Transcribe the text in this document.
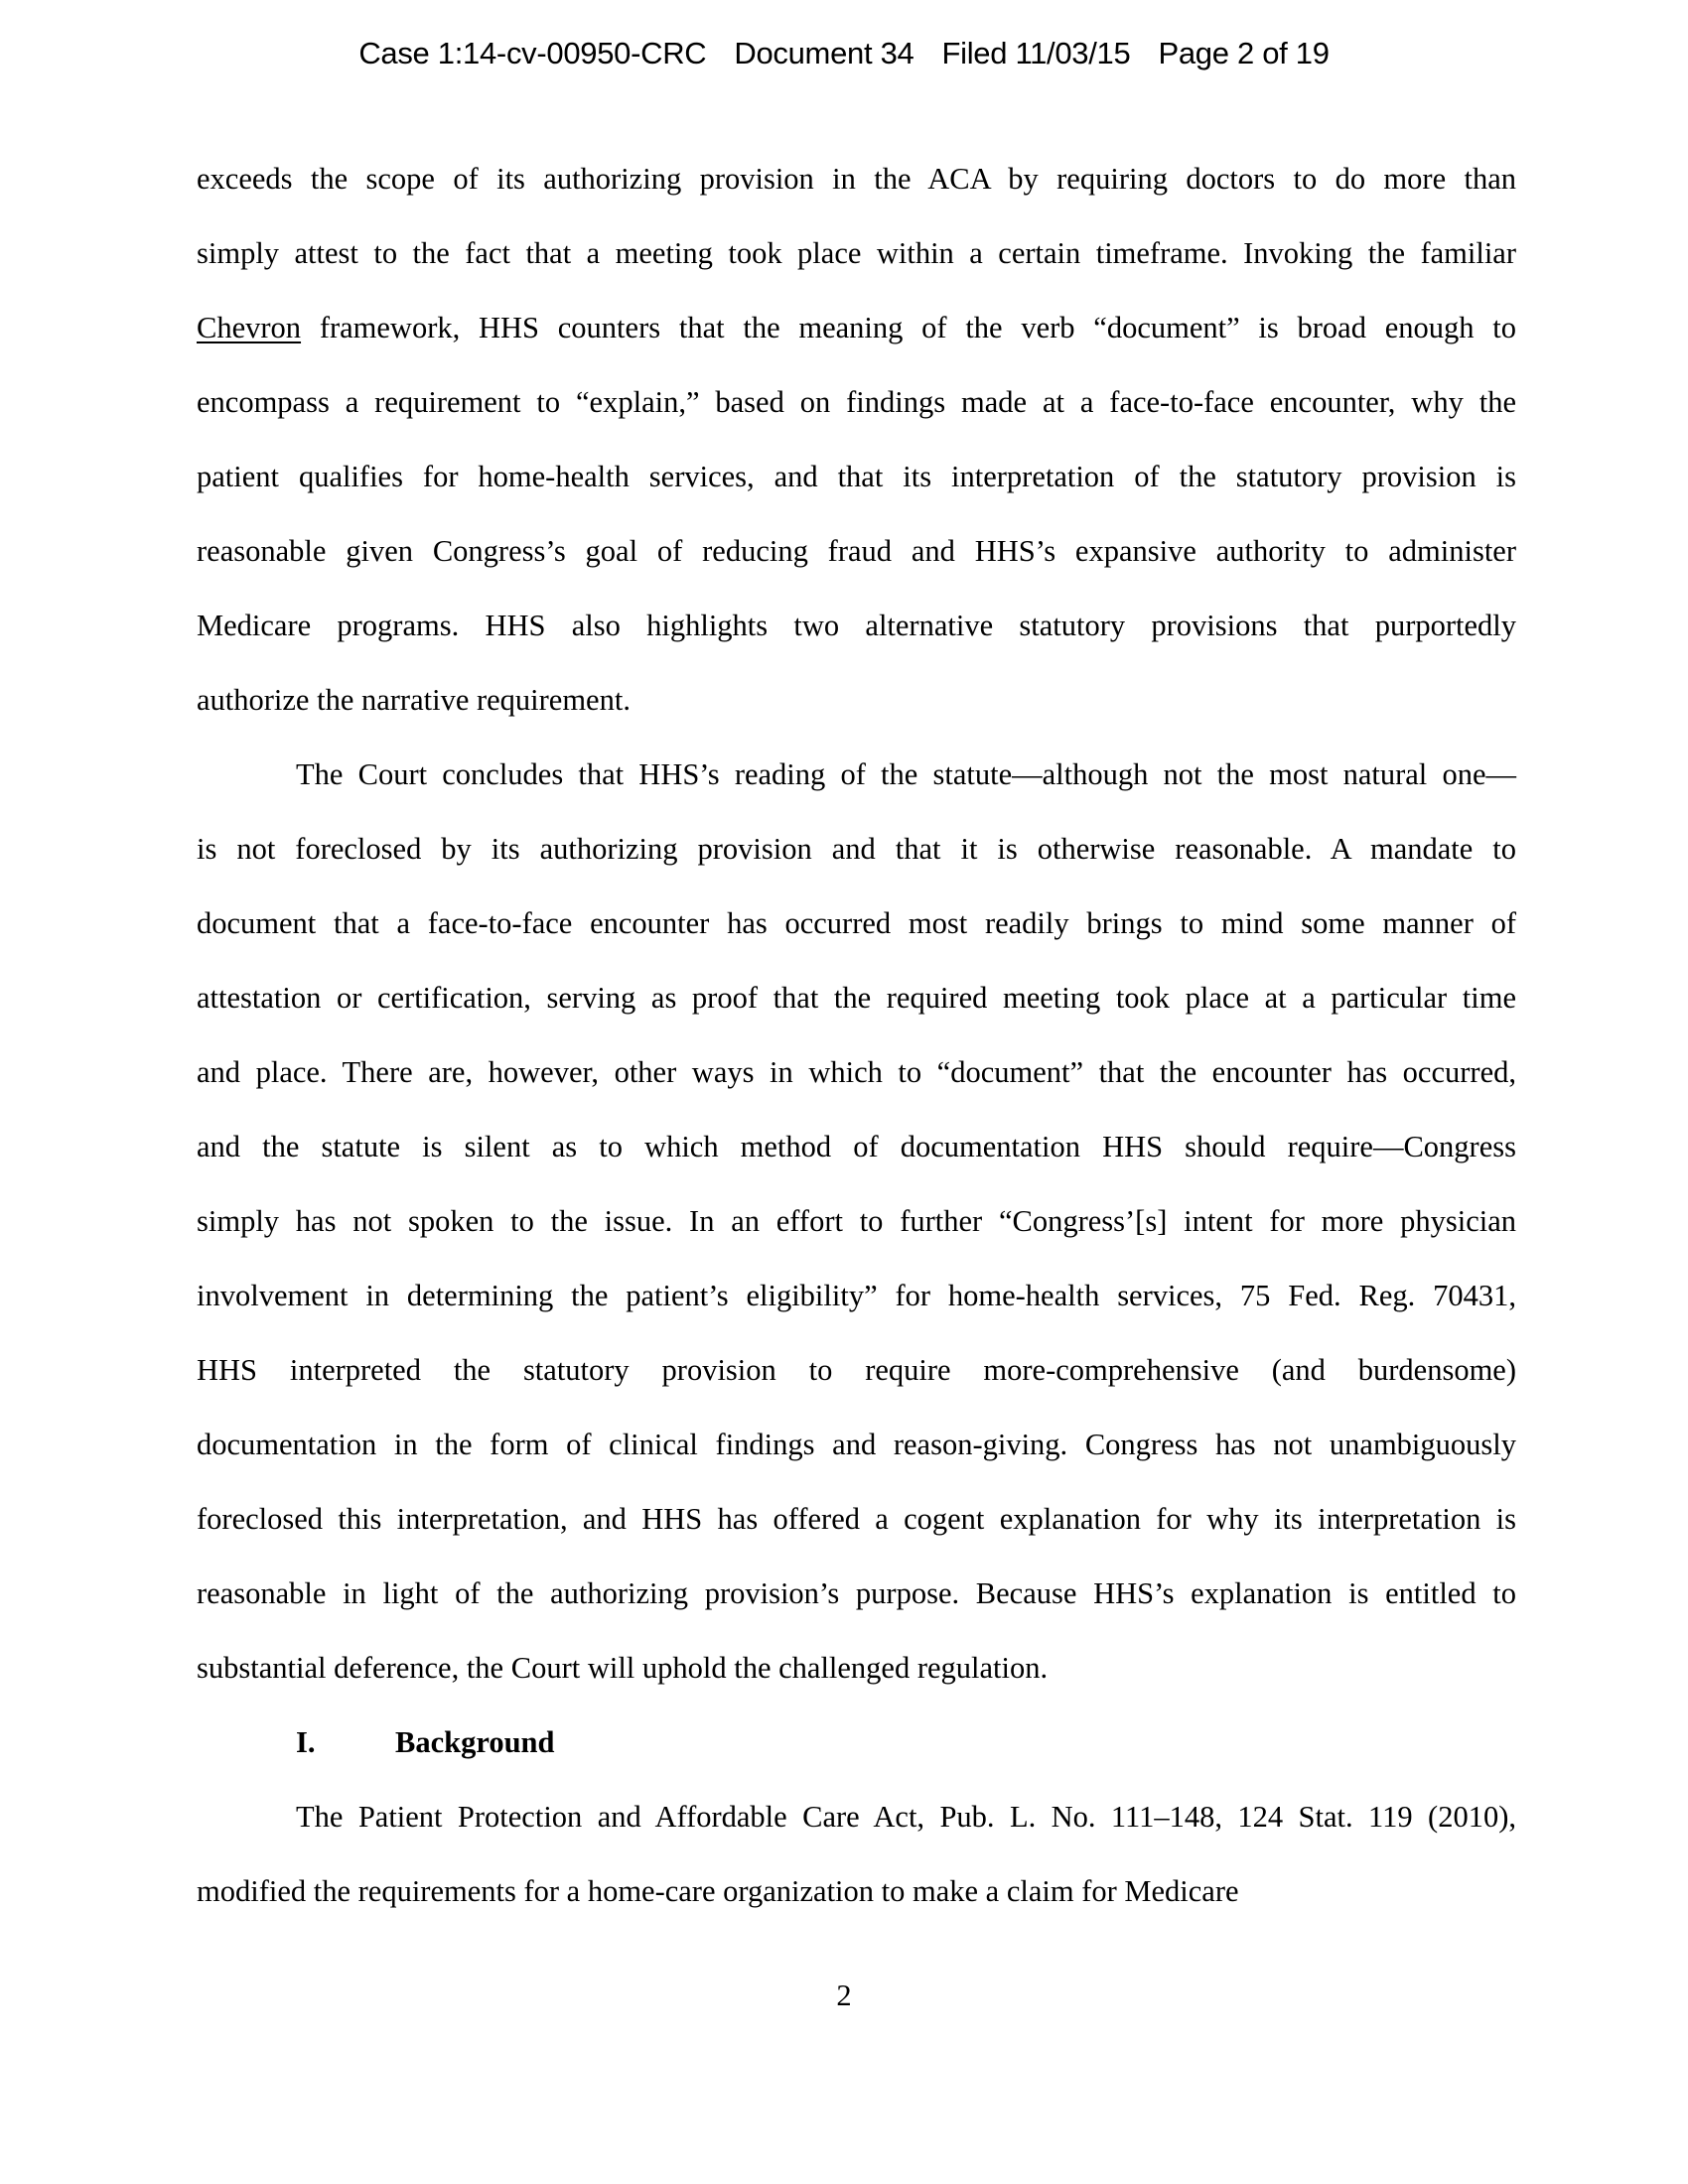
Case 1:14-cv-00950-CRC Document 34 Filed 11/03/15 Page 2 of 19
exceeds the scope of its authorizing provision in the ACA by requiring doctors to do more than
simply attest to the fact that a meeting took place within a certain timeframe. Invoking the familiar
Chevron framework, HHS counters that the meaning of the verb “document” is broad enough to
encompass a requirement to “explain,” based on findings made at a face-to-face encounter, why the
patient qualifies for home-health services, and that its interpretation of the statutory provision is
reasonable given Congress’s goal of reducing fraud and HHS’s expansive authority to administer
Medicare programs. HHS also highlights two alternative statutory provisions that purportedly
authorize the narrative requirement.
The Court concludes that HHS’s reading of the statute—although not the most natural one—
is not foreclosed by its authorizing provision and that it is otherwise reasonable. A mandate to
document that a face-to-face encounter has occurred most readily brings to mind some manner of
attestation or certification, serving as proof that the required meeting took place at a particular time
and place. There are, however, other ways in which to “document” that the encounter has occurred,
and the statute is silent as to which method of documentation HHS should require—Congress
simply has not spoken to the issue. In an effort to further “Congress’[s] intent for more physician
involvement in determining the patient’s eligibility” for home-health services, 75 Fed. Reg. 70431,
HHS interpreted the statutory provision to require more-comprehensive (and burdensome)
documentation in the form of clinical findings and reason-giving. Congress has not unambiguously
foreclosed this interpretation, and HHS has offered a cogent explanation for why its interpretation is
reasonable in light of the authorizing provision’s purpose. Because HHS’s explanation is entitled to
substantial deference, the Court will uphold the challenged regulation.
I.	Background
The Patient Protection and Affordable Care Act, Pub. L. No. 111–148, 124 Stat. 119 (2010),
modified the requirements for a home-care organization to make a claim for Medicare
2
